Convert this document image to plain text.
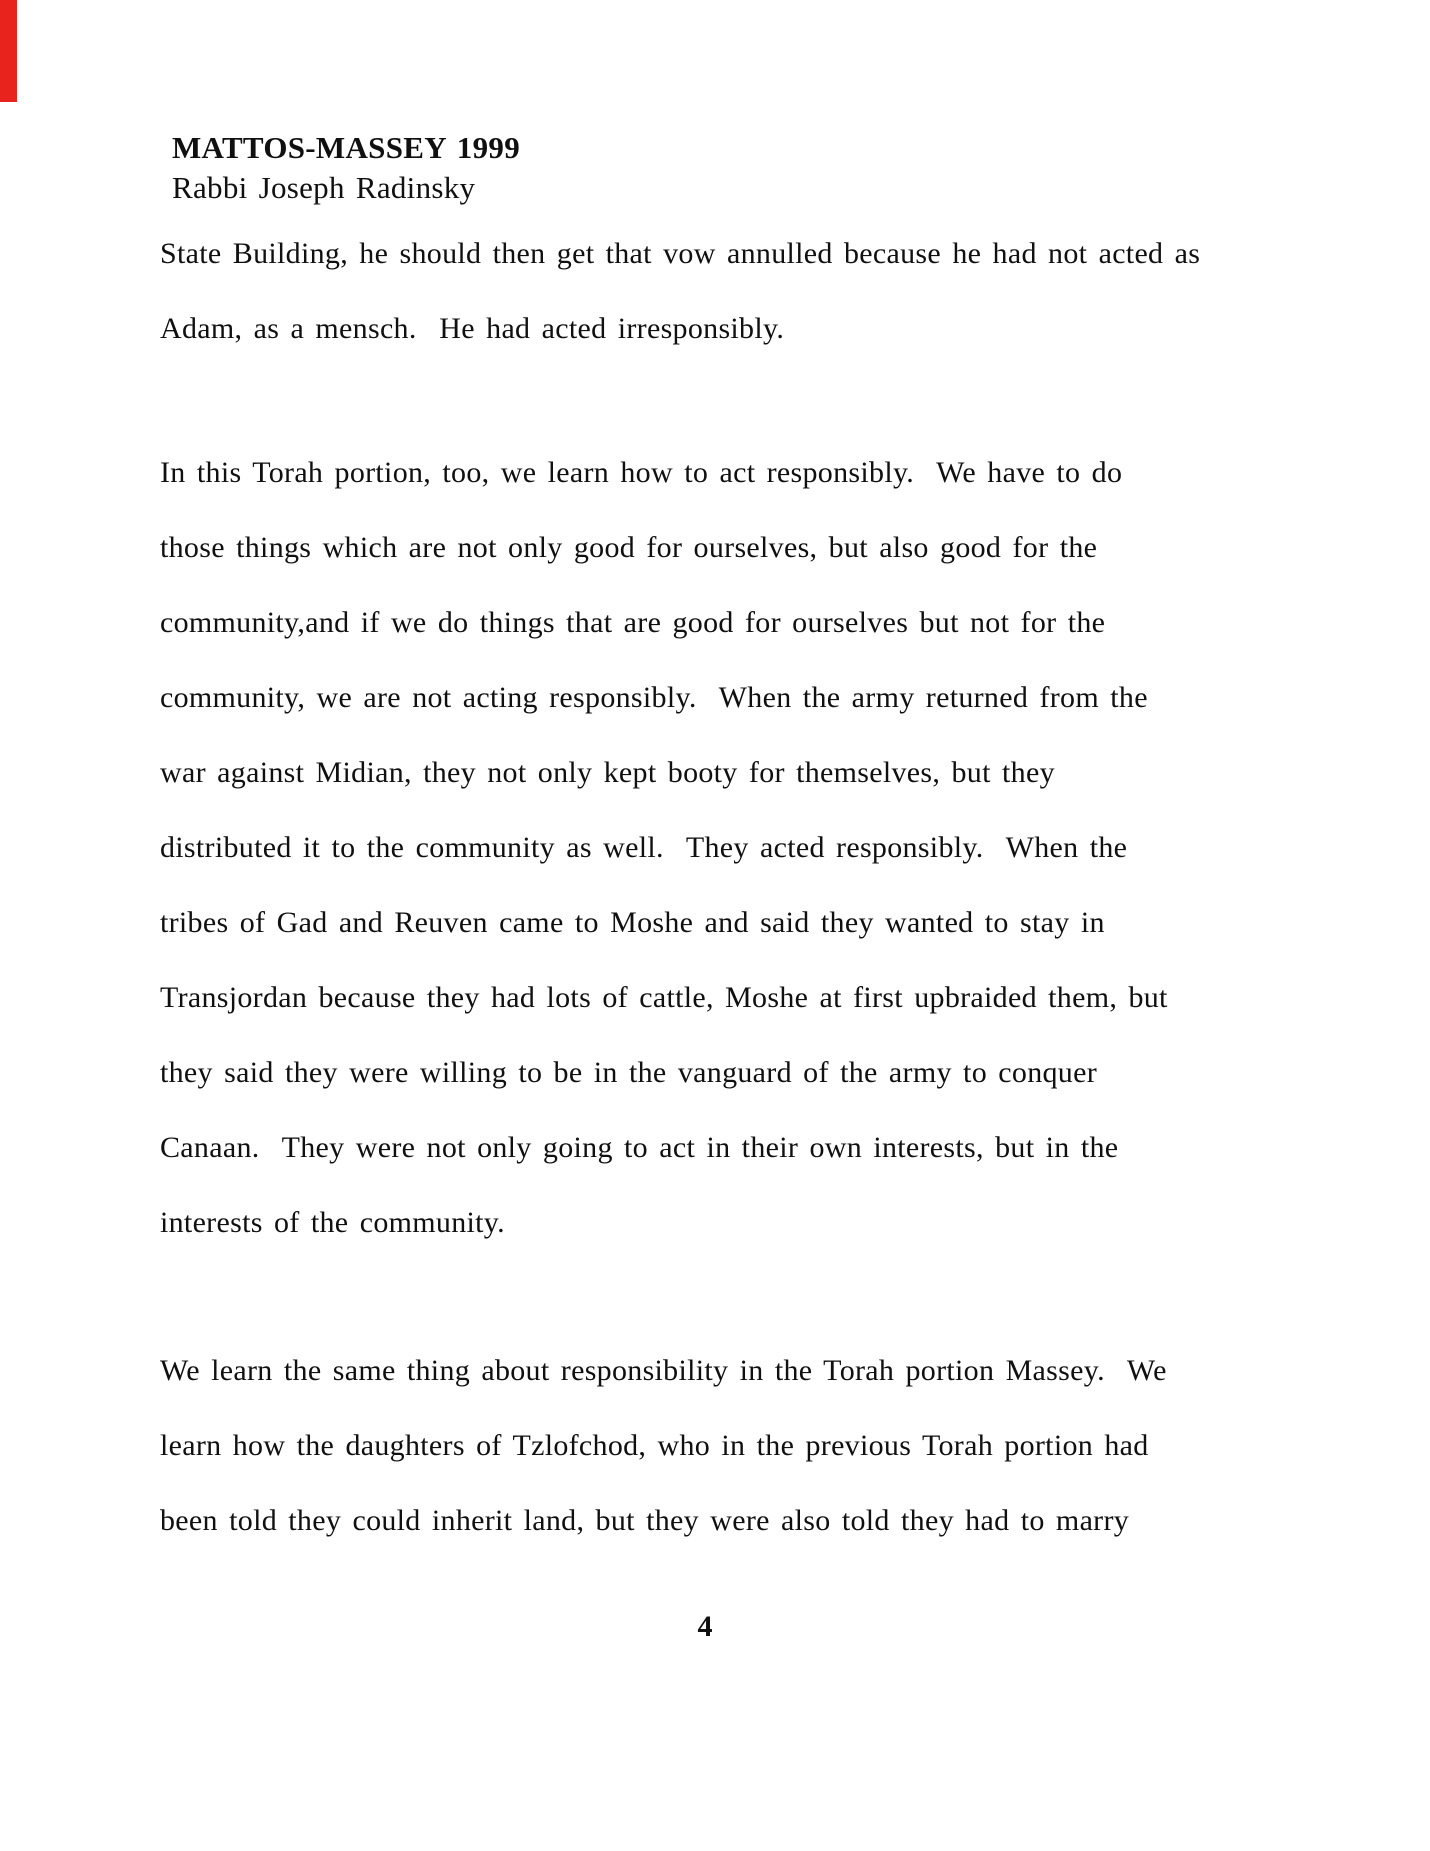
MATTOS-MASSEY 1999
Rabbi Joseph Radinsky
State Building, he should then get that vow annulled because he had not acted as
Adam, as a mensch.  He had acted irresponsibly.
In this Torah portion, too, we learn how to act responsibly.  We have to do
those things which are not only good for ourselves, but also good for the
community,and if we do things that are good for ourselves but not for the
community, we are not acting responsibly.  When the army returned from the
war against Midian, they not only kept booty for themselves, but they
distributed it to the community as well.  They acted responsibly.  When the
tribes of Gad and Reuven came to Moshe and said they wanted to stay in
Transjordan because they had lots of cattle, Moshe at first upbraided them, but
they said they were willing to be in the vanguard of the army to conquer
Canaan.  They were not only going to act in their own interests, but in the
interests of the community.
We learn the same thing about responsibility in the Torah portion Massey.  We
learn how the daughters of Tzlofchod, who in the previous Torah portion had
been told they could inherit land, but they were also told they had to marry
4
